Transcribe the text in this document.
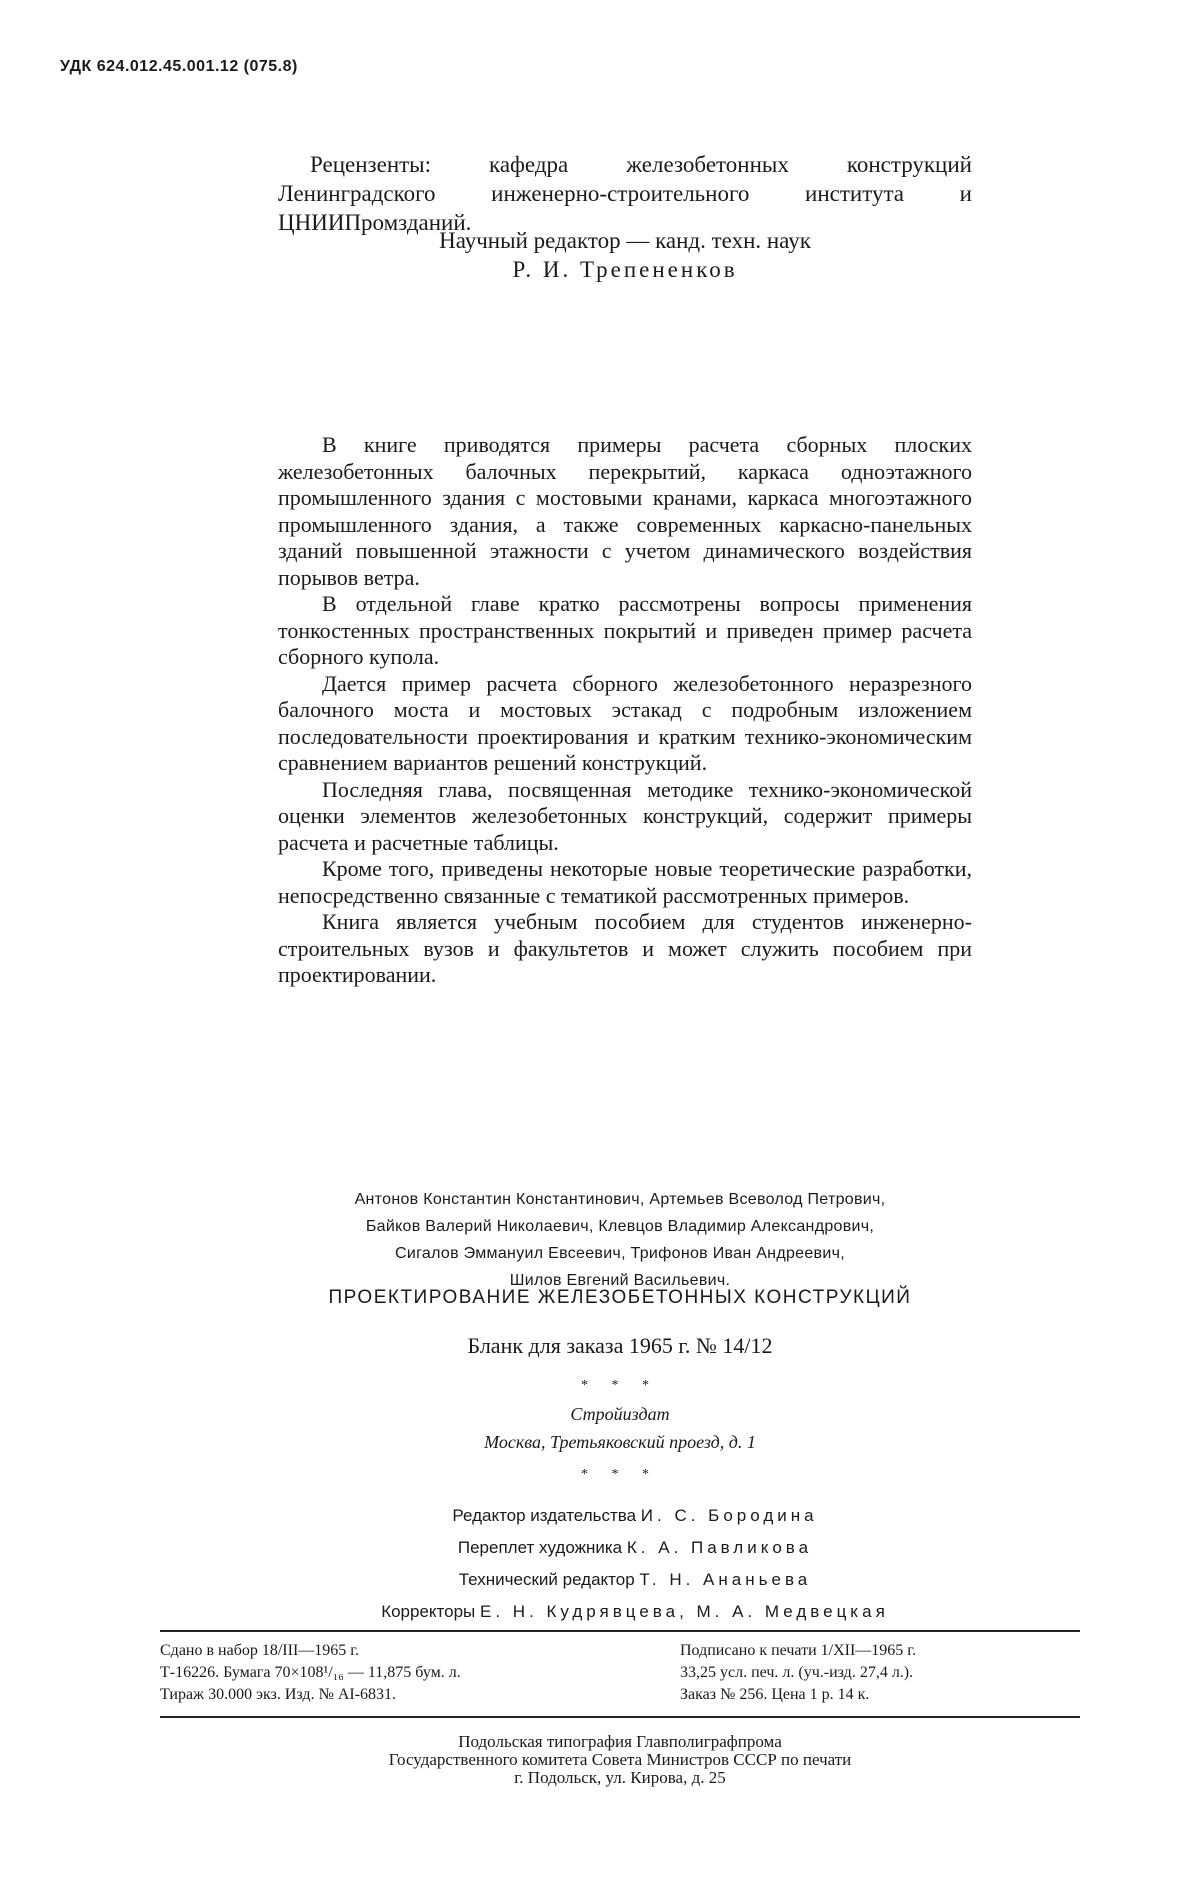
УДК 624.012.45.001.12 (075.8)

Рецензенты: кафедра железобетонных конструкций Ленинградского инженерно-строительного института и ЦНИИПромзданий.

Научный редактор — канд. техн. наук
Р. И. Трепененков

В книге приводятся примеры расчета сборных плоских железобетонных балочных перекрытий, каркаса одноэтажного промышленного здания с мостовыми кранами, каркаса многоэтажного промышленного здания, а также современных каркасно-панельных зданий повышенной этажности с учетом динамического воздействия порывов ветра.

В отдельной главе кратко рассмотрены вопросы применения тонкостенных пространственных покрытий и приведен пример расчета сборного купола.

Дается пример расчета сборного железобетонного неразрезного балочного моста и мостовых эстакад с подробным изложением последовательности проектирования и кратким технико-экономическим сравнением вариантов решений конструкций.

Последняя глава, посвященная методике технико-экономической оценки элементов железобетонных конструкций, содержит примеры расчета и расчетные таблицы.

Кроме того, приведены некоторые новые теоретические разработки, непосредственно связанные с тематикой рассмотренных примеров.

Книга является учебным пособием для студентов инженерно-строительных вузов и факультетов и может служить пособием при проектировании.

Антонов Константин Константинович, Артемьев Всеволод Петрович,
Байков Валерий Николаевич, Клевцов Владимир Александрович,
Сигалов Эммануил Евсеевич, Трифонов Иван Андреевич,
Шилов Евгений Васильевич.
ПРОЕКТИРОВАНИЕ ЖЕЛЕЗОБЕТОННЫХ КОНСТРУКЦИЙ
Бланк для заказа 1965 г. № 14/12
* * *
Стройиздат
Москва, Третьяковский проезд, д. 1
* * *
Редактор издательства И. С. Бородина
Переплет художника К. А. Павликова
Технический редактор Т. Н. Ананьева
Корректоры Е. Н. Кудрявцева, М. А. Медвецкая
Сдано в набор 18/III—1965 г.	Подписано к печати 1/XII—1965 г.
Т-16226. Бумага 70×108¹/₁₆ — 11,875 бум. л.	33,25 усл. печ. л. (уч.-изд. 27,4 л.).
Тираж 30.000 экз. Изд. № AI-6831.	Заказ № 256. Цена 1 р. 14 к.
Подольская типография Главполиграфпрома
Государственного комитета Совета Министров СССР по печати
г. Подольск, ул. Кирова, д. 25
